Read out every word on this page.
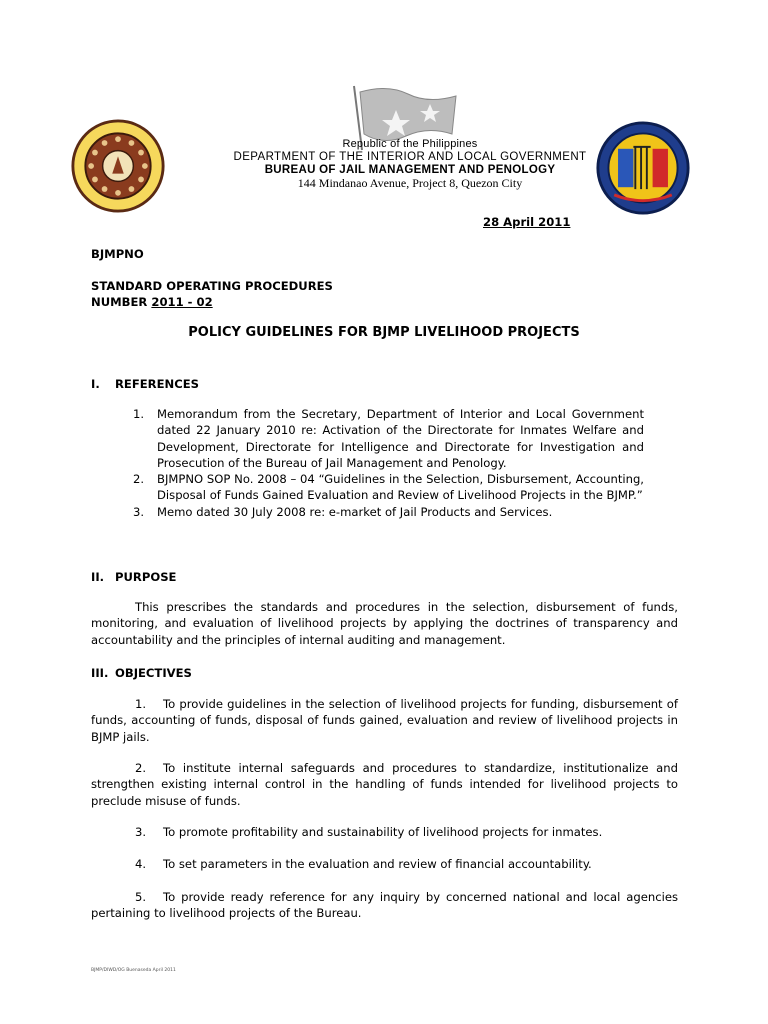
Republic of the Philippines
DEPARTMENT OF THE INTERIOR AND LOCAL GOVERNMENT
BUREAU OF JAIL MANAGEMENT AND PENOLOGY
144 Mindanao Avenue, Project 8, Quezon City
28 April 2011
BJMPNO
STANDARD OPERATING PROCEDURES
NUMBER 2011 - 02
POLICY GUIDELINES FOR BJMP LIVELIHOOD PROJECTS
I. REFERENCES
1. Memorandum from the Secretary, Department of Interior and Local Government dated 22 January 2010 re: Activation of the Directorate for Inmates Welfare and Development, Directorate for Intelligence and Directorate for Investigation and Prosecution of the Bureau of Jail Management and Penology.
2. BJMPNO SOP No. 2008 – 04 “Guidelines in the Selection, Disbursement, Accounting, Disposal of Funds Gained Evaluation and Review of Livelihood Projects in the BJMP.”
3. Memo dated 30 July 2008 re: e-market of Jail Products and Services.
II. PURPOSE
This prescribes the standards and procedures in the selection, disbursement of funds, monitoring, and evaluation of livelihood projects by applying the doctrines of transparency and accountability and the principles of internal auditing and management.
III. OBJECTIVES
1. To provide guidelines in the selection of livelihood projects for funding, disbursement of funds, accounting of funds, disposal of funds gained, evaluation and review of livelihood projects in BJMP jails.
2. To institute internal safeguards and procedures to standardize, institutionalize and strengthen existing internal control in the handling of funds intended for livelihood projects to preclude misuse of funds.
3. To promote profitability and sustainability of livelihood projects for inmates.
4. To set parameters in the evaluation and review of financial accountability.
5. To provide ready reference for any inquiry by concerned national and local agencies pertaining to livelihood projects of the Bureau.
BJMP/DIWD/OG Buenaseda April 2011
